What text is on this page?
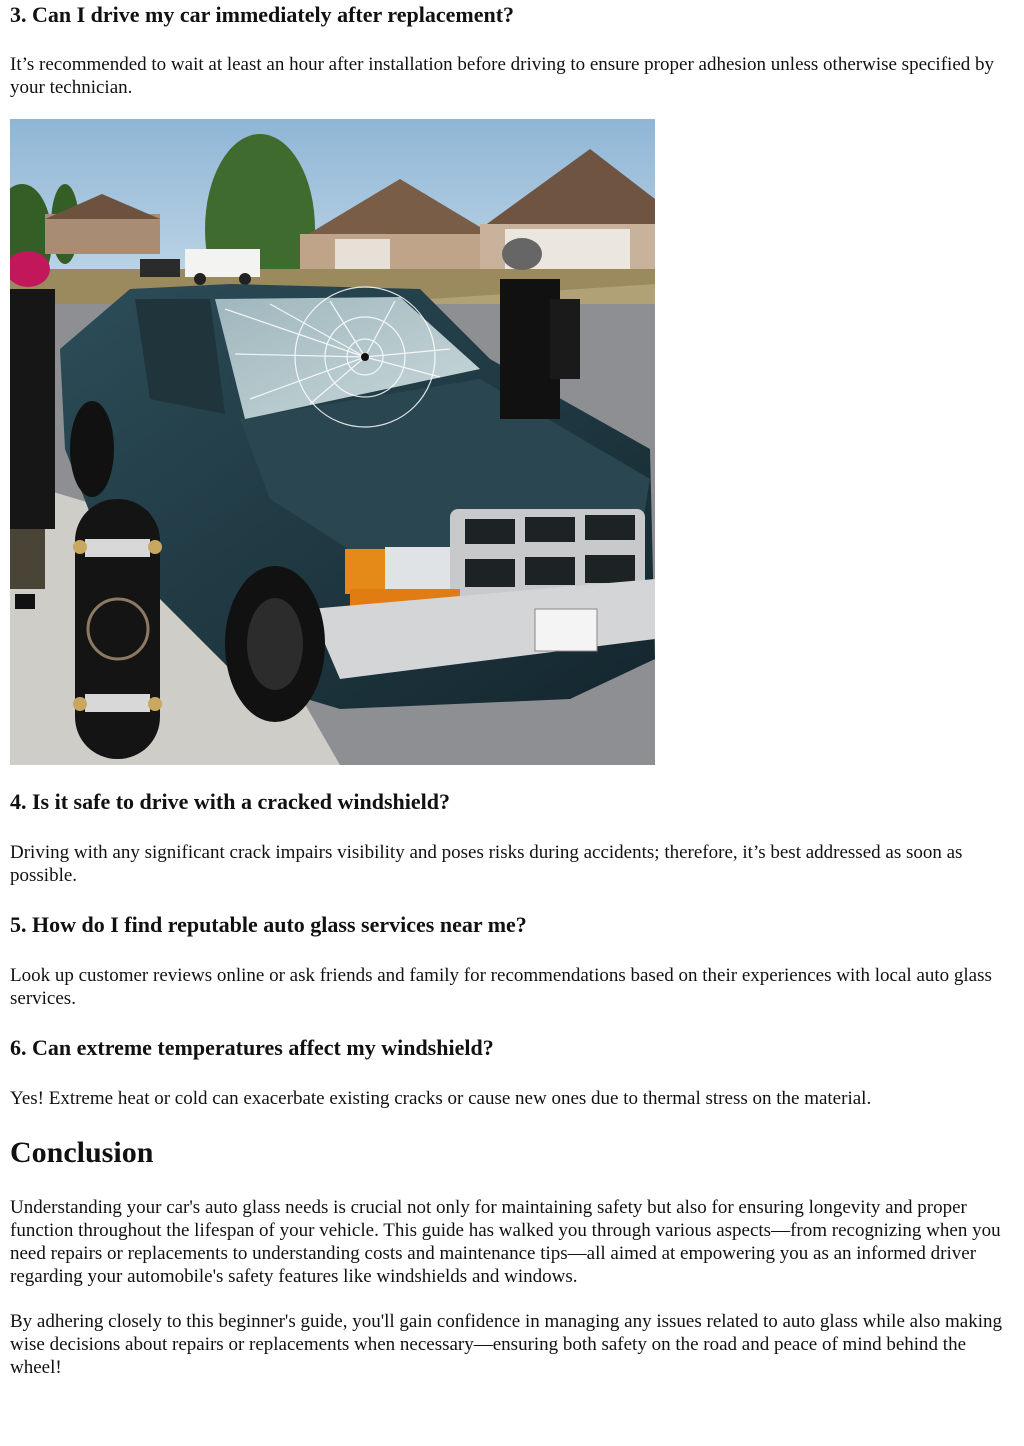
3. Can I drive my car immediately after replacement?

It’s recommended to wait at least an hour after installation before driving to ensure proper adhesion unless otherwise specified by your technician.

4. Is it safe to drive with a cracked windshield?

Driving with any significant crack impairs visibility and poses risks during accidents; therefore, it’s best addressed as soon as possible.

5. How do I find reputable auto glass services near me?

Look up customer reviews online or ask friends and family for recommendations based on their experiences with local auto glass services.

6. Can extreme temperatures affect my windshield?

Yes! Extreme heat or cold can exacerbate existing cracks or cause new ones due to thermal stress on the material.

Conclusion

Understanding your car's auto glass needs is crucial not only for maintaining safety but also for ensuring longevity and proper function throughout the lifespan of your vehicle. This guide has walked you through various aspects—from recognizing when you need repairs or replacements to understanding costs and maintenance tips—all aimed at empowering you as an informed driver regarding your automobile's safety features like windshields and windows.

By adhering closely to this beginner's guide, you'll gain confidence in managing any issues related to auto glass while also making wise decisions about repairs or replacements when necessary—ensuring both safety on the road and peace of mind behind the wheel!
